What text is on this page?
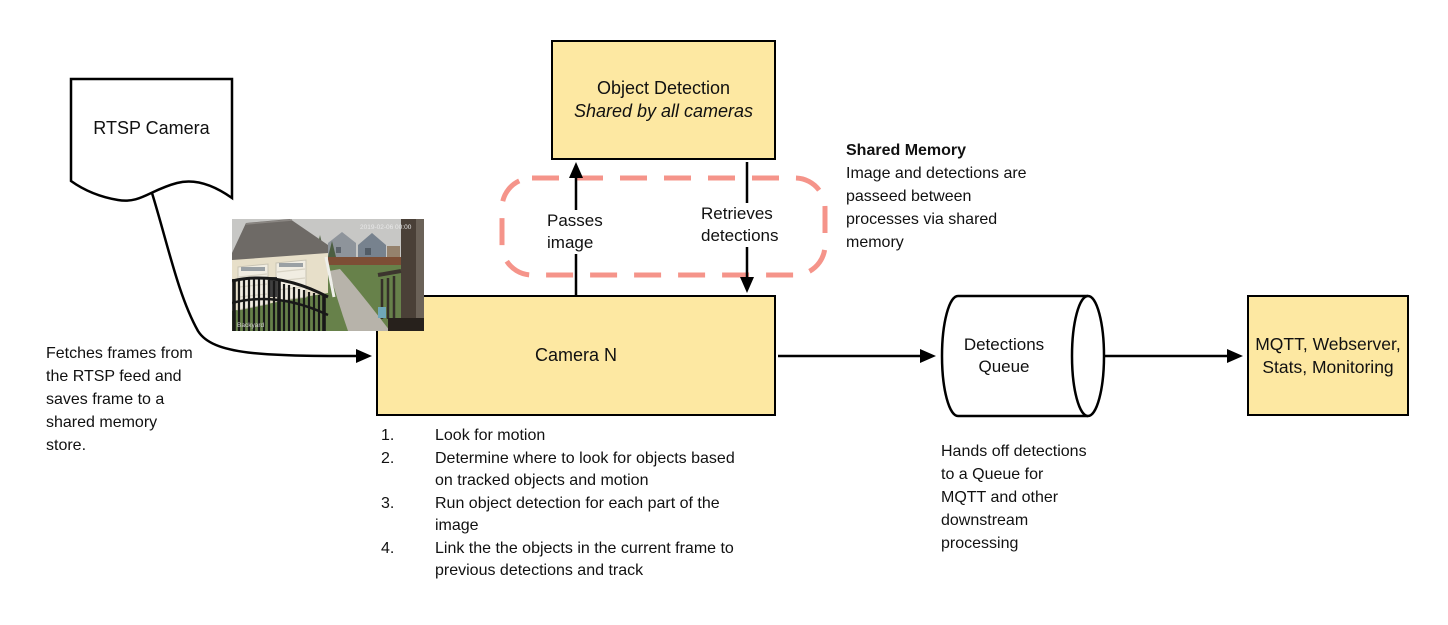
RTSP Camera
Fetches frames from
the RTSP feed and
saves frame to a
shared memory
store.
Object Detection
Shared by all cameras
Shared Memory
Image and detections are
passeed between
processes via shared
memory
Camera N
Passes
image
Retrieves
detections
Look for motion
Determine where to look for objects based on tracked objects and motion
Run object detection for each part of the image
Link the the objects in the current frame to previous detections and track
Detections
Queue
Hands off detections
to a Queue for
MQTT and other
downstream
processing
MQTT, Webserver,
Stats, Monitoring
2019-02-06 00:00
Backyard
